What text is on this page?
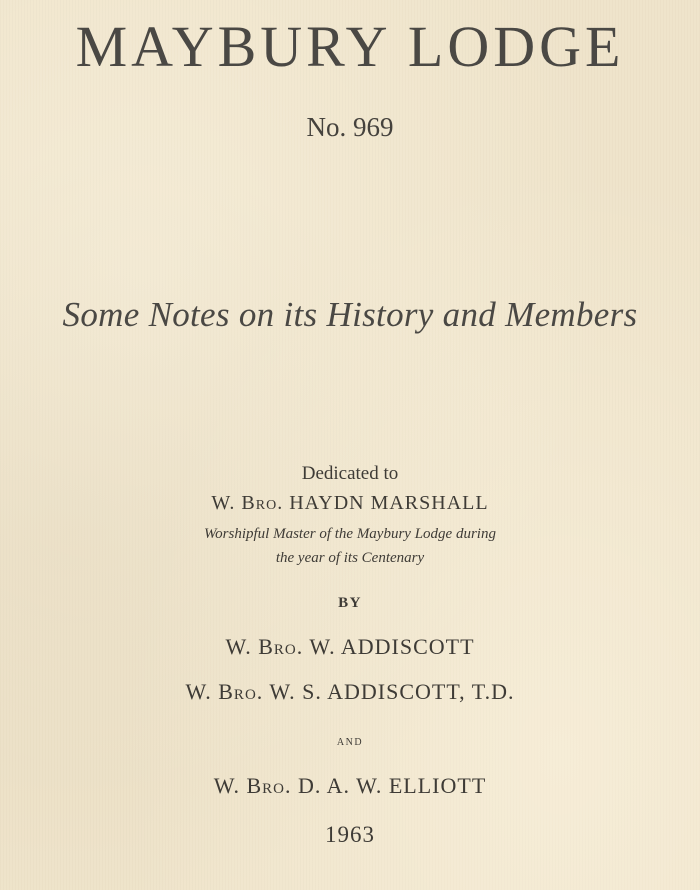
MAYBURY LODGE
No. 969
Some Notes on its History and Members
Dedicated to
W. Bro. HAYDN MARSHALL
Worshipful Master of the Maybury Lodge during
the year of its Centenary
BY
W. Bro. W. ADDISCOTT
W. Bro. W. S. ADDISCOTT, T.D.
and
W. Bro. D. A. W. ELLIOTT
1963
